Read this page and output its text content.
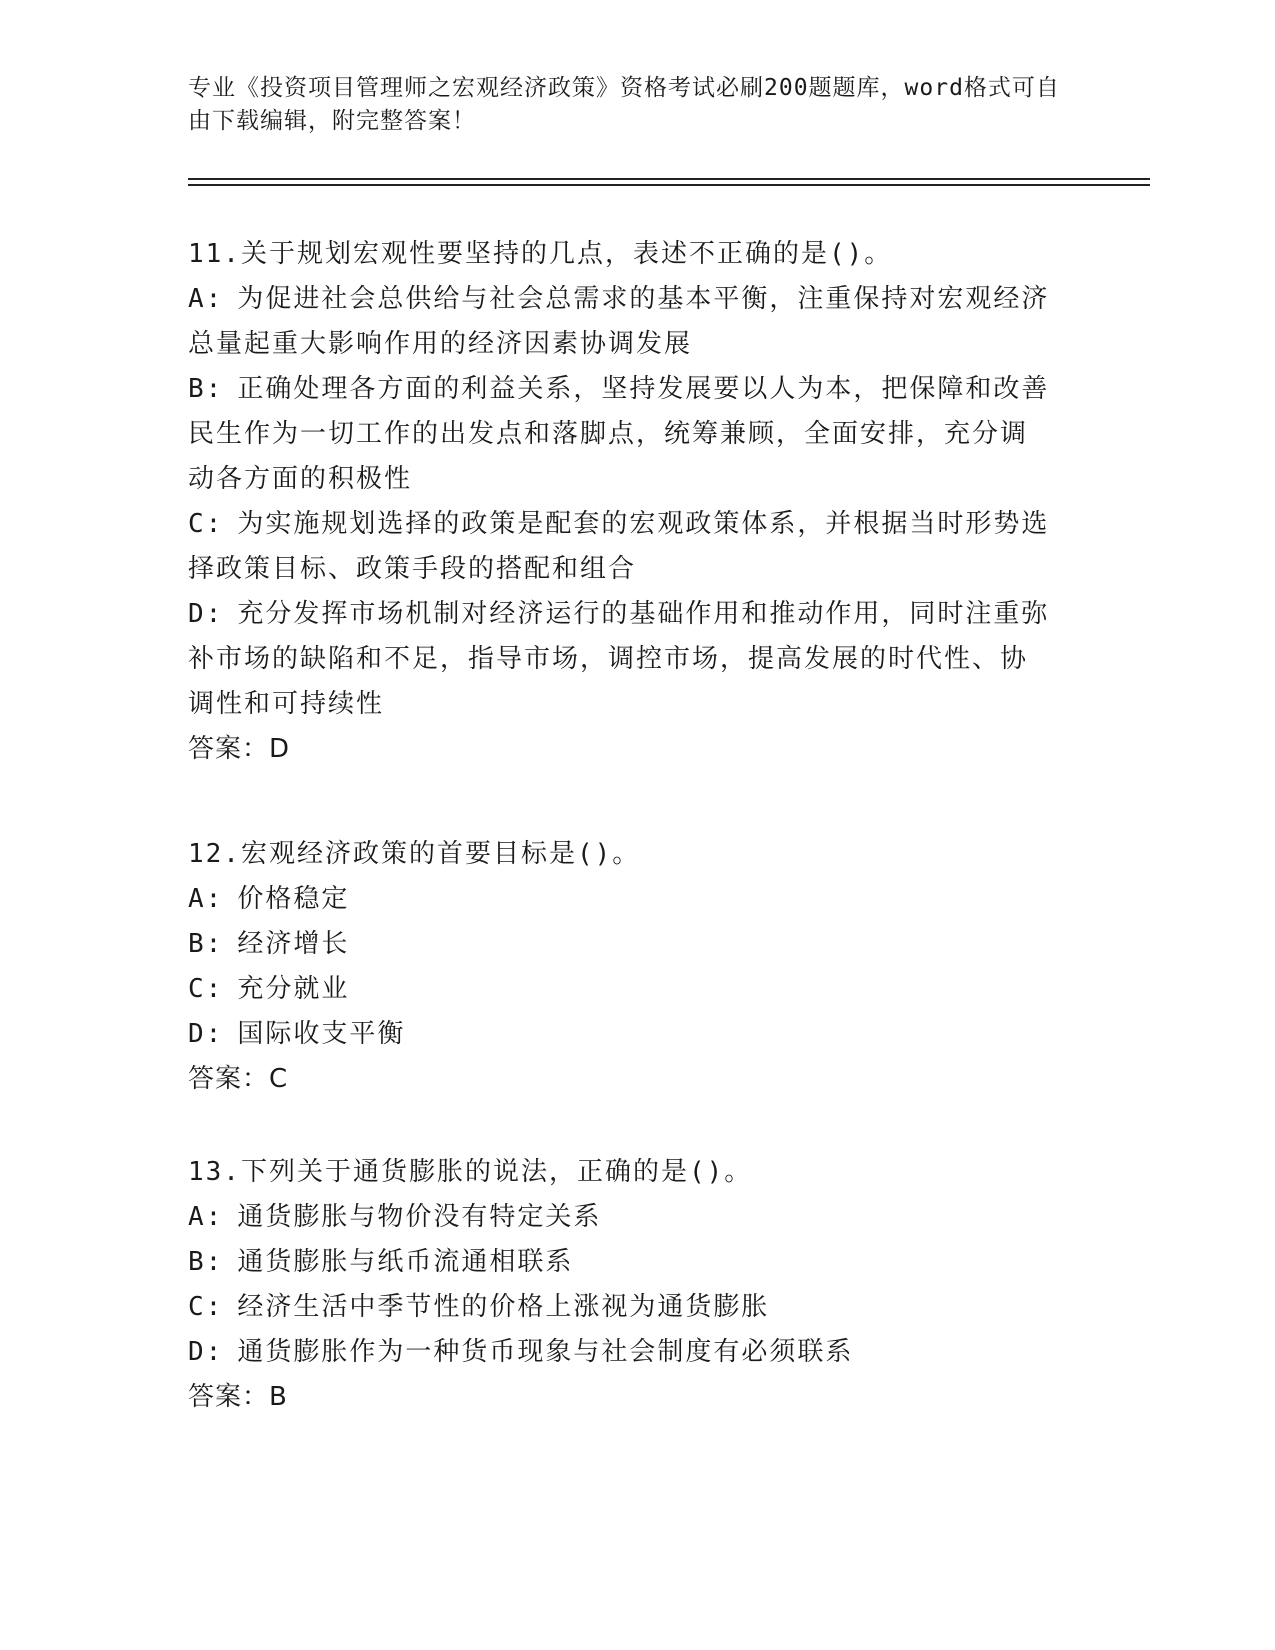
专业《投资项目管理师之宏观经济政策》资格考试必刷200题题库，word格式可自由下载编辑，附完整答案！
11.关于规划宏观性要坚持的几点，表述不正确的是()。
A: 为促进社会总供给与社会总需求的基本平衡，注重保持对宏观经济
总量起重大影响作用的经济因素协调发展
B: 正确处理各方面的利益关系，坚持发展要以人为本，把保障和改善
民生作为一切工作的出发点和落脚点，统筹兼顾，全面安排，充分调
动各方面的积极性
C: 为实施规划选择的政策是配套的宏观政策体系，并根据当时形势选
择政策目标、政策手段的搭配和组合
D: 充分发挥市场机制对经济运行的基础作用和推动作用，同时注重弥
补市场的缺陷和不足，指导市场，调控市场，提高发展的时代性、协
调性和可持续性
答案：D
12.宏观经济政策的首要目标是()。
A: 价格稳定
B: 经济增长
C: 充分就业
D: 国际收支平衡
答案：C
13.下列关于通货膨胀的说法，正确的是()。
A: 通货膨胀与物价没有特定关系
B: 通货膨胀与纸币流通相联系
C: 经济生活中季节性的价格上涨视为通货膨胀
D: 通货膨胀作为一种货币现象与社会制度有必须联系
答案：B
